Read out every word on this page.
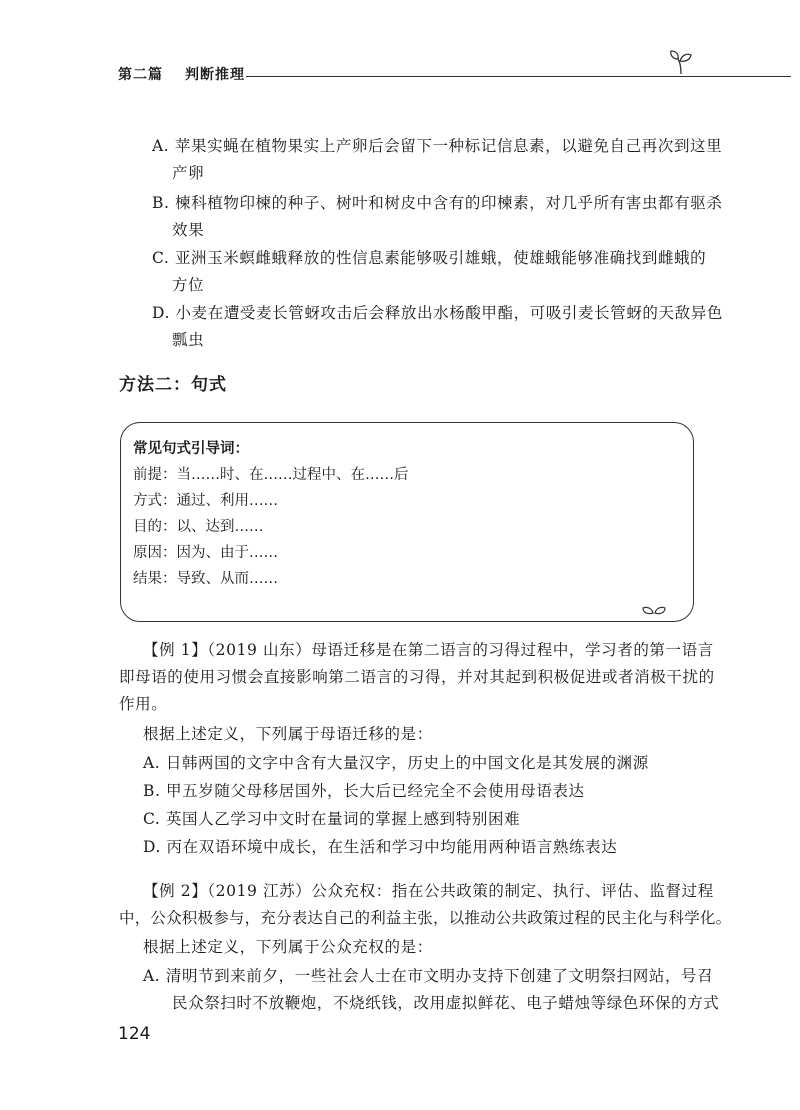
第二篇 判断推理
A. 苹果实蝇在植物果实上产卵后会留下一种标记信息素，以避免自己再次到这里
产卵
B. 楝科植物印楝的种子、树叶和树皮中含有的印楝素，对几乎所有害虫都有驱杀
效果
C. 亚洲玉米螟雌蛾释放的性信息素能够吸引雄蛾，使雄蛾能够准确找到雌蛾的
方位
D. 小麦在遭受麦长管蚜攻击后会释放出水杨酸甲酯，可吸引麦长管蚜的天敌异色
瓢虫
方法二：句式
常见句式引导词：
前提：当……时、在……过程中、在……后
方式：通过、利用……
目的：以、达到……
原因：因为、由于……
结果：导致、从而……
【例 1】（2019 山东）母语迁移是在第二语言的习得过程中，学习者的第一语言
即母语的使用习惯会直接影响第二语言的习得，并对其起到积极促进或者消极干扰的
作用。
根据上述定义，下列属于母语迁移的是：
A. 日韩两国的文字中含有大量汉字，历史上的中国文化是其发展的渊源
B. 甲五岁随父母移居国外，长大后已经完全不会使用母语表达
C. 英国人乙学习中文时在量词的掌握上感到特别困难
D. 丙在双语环境中成长，在生活和学习中均能用两种语言熟练表达
【例 2】（2019 江苏）公众充权：指在公共政策的制定、执行、评估、监督过程
中，公众积极参与，充分表达自己的利益主张，以推动公共政策过程的民主化与科学化。
根据上述定义，下列属于公众充权的是：
A. 清明节到来前夕，一些社会人士在市文明办支持下创建了文明祭扫网站，号召
民众祭扫时不放鞭炮，不烧纸钱，改用虚拟鲜花、电子蜡烛等绿色环保的方式
124
